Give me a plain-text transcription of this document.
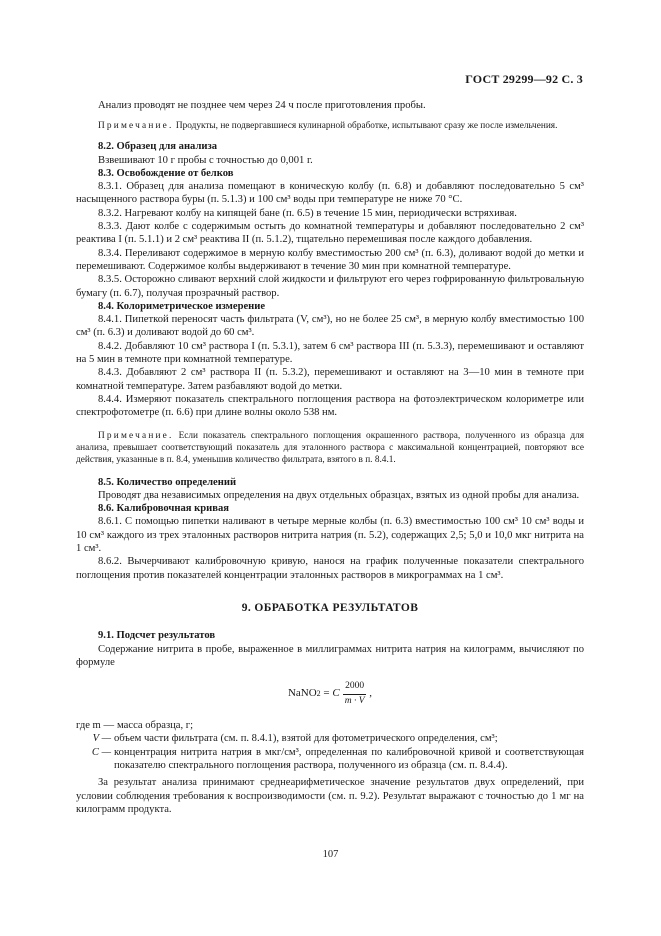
ГОСТ 29299—92 С. 3

Анализ проводят не позднее чем через 24 ч после приготовления пробы.

Примечание. Продукты, не подвергавшиеся кулинарной обработке, испытывают сразу же после измельчения.

8.2. Образец для анализа

Взвешивают 10 г пробы с точностью до 0,001 г.

8.3. Освобождение от белков

8.3.1. Образец для анализа помещают в коническую колбу (п. 6.8) и добавляют последовательно 5 см³ насыщенного раствора буры (п. 5.1.3) и 100 см³ воды при температуре не ниже 70 °С.

8.3.2. Нагревают колбу на кипящей бане (п. 6.5) в течение 15 мин, периодически встряхивая.

8.3.3. Дают колбе с содержимым остыть до комнатной температуры и добавляют последовательно 2 см³ реактива I (п. 5.1.1) и 2 см³ реактива II (п. 5.1.2), тщательно перемешивая после каждого добавления.

8.3.4. Переливают содержимое в мерную колбу вместимостью 200 см³ (п. 6.3), доливают водой до метки и перемешивают. Содержимое колбы выдерживают в течение 30 мин при комнатной температуре.

8.3.5. Осторожно сливают верхний слой жидкости и фильтруют его через гофрированную фильтровальную бумагу (п. 6.7), получая прозрачный раствор.

8.4. Колориметрическое измерение

8.4.1. Пипеткой переносят часть фильтрата (V, см³), но не более 25 см³, в мерную колбу вместимостью 100 см³ (п. 6.3) и доливают водой до 60 см³.

8.4.2. Добавляют 10 см³ раствора I (п. 5.3.1), затем 6 см³ раствора III (п. 5.3.3), перемешивают и оставляют на 5 мин в темноте при комнатной температуре.

8.4.3. Добавляют 2 см³ раствора II (п. 5.3.2), перемешивают и оставляют на 3—10 мин в темноте при комнатной температуре. Затем разбавляют водой до метки.

8.4.4. Измеряют показатель спектрального поглощения раствора на фотоэлектрическом колориметре или спектрофотометре (п. 6.6) при длине волны около 538 нм.

Примечание. Если показатель спектрального поглощения окрашенного раствора, полученного из образца для анализа, превышает соответствующий показатель для эталонного раствора с максимальной концентрацией, повторяют все действия, указанные в п. 8.4, уменьшив количество фильтрата, взятого в п. 8.4.1.

8.5. Количество определений

Проводят два независимых определения на двух отдельных образцах, взятых из одной пробы для анализа.

8.6. Калибровочная кривая

8.6.1. С помощью пипетки наливают в четыре мерные колбы (п. 6.3) вместимостью 100 см³ 10 см³ воды и 10 см³ каждого из трех эталонных растворов нитрита натрия (п. 5.2), содержащих 2,5; 5,0 и 10,0 мкг нитрита на 1 см³.

8.6.2. Вычерчивают калибровочную кривую, нанося на график полученные показатели спектрального поглощения против показателей концентрации эталонных растворов в микрограммах на 1 см³.

9. ОБРАБОТКА РЕЗУЛЬТАТОВ

9.1. Подсчет результатов

Содержание нитрита в пробе, выраженное в миллиграммах нитрита натрия на килограмм, вычисляют по формуле

NaNO 2 = C $\frac{2000}{m \cdot V}$ ,
где m — масса образца, г;
V — объем части фильтрата (см. п. 8.4.1), взятой для фотометрического определения, см³;
C — концентрация нитрита натрия в мкг/см³, определенная по калибровочной кривой и соответствующая показателю спектрального поглощения раствора, полученного из образца (см. п. 8.4.4).

За результат анализа принимают среднеарифметическое значение результатов двух определений, при условии соблюдения требования к воспроизводимости (см. п. 9.2). Результат выражают с точностью до 1 мг на килограмм продукта.

107
